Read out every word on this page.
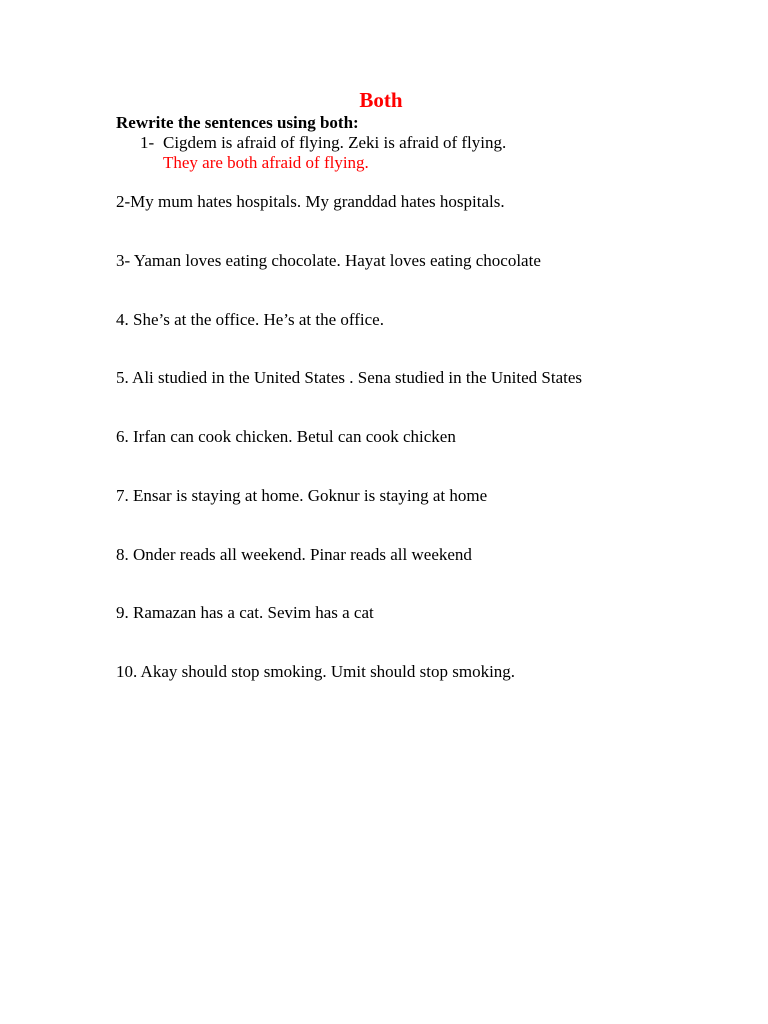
Both
Rewrite the sentences using both:
1- Cigdem is afraid of flying. Zeki is afraid of flying.
They are both afraid of flying.
2-My mum hates hospitals. My granddad hates hospitals.
3- Yaman loves eating chocolate. Hayat loves eating chocolate
4. She’s at the office. He’s at the office.
5. Ali studied in the United States . Sena studied in the United States
6. Irfan can cook chicken. Betul can cook chicken
7. Ensar is staying at home. Goknur is staying at home
8. Onder reads all weekend. Pinar reads all weekend
9. Ramazan has a cat. Sevim has a cat
10. Akay should stop smoking. Umit should stop smoking.
